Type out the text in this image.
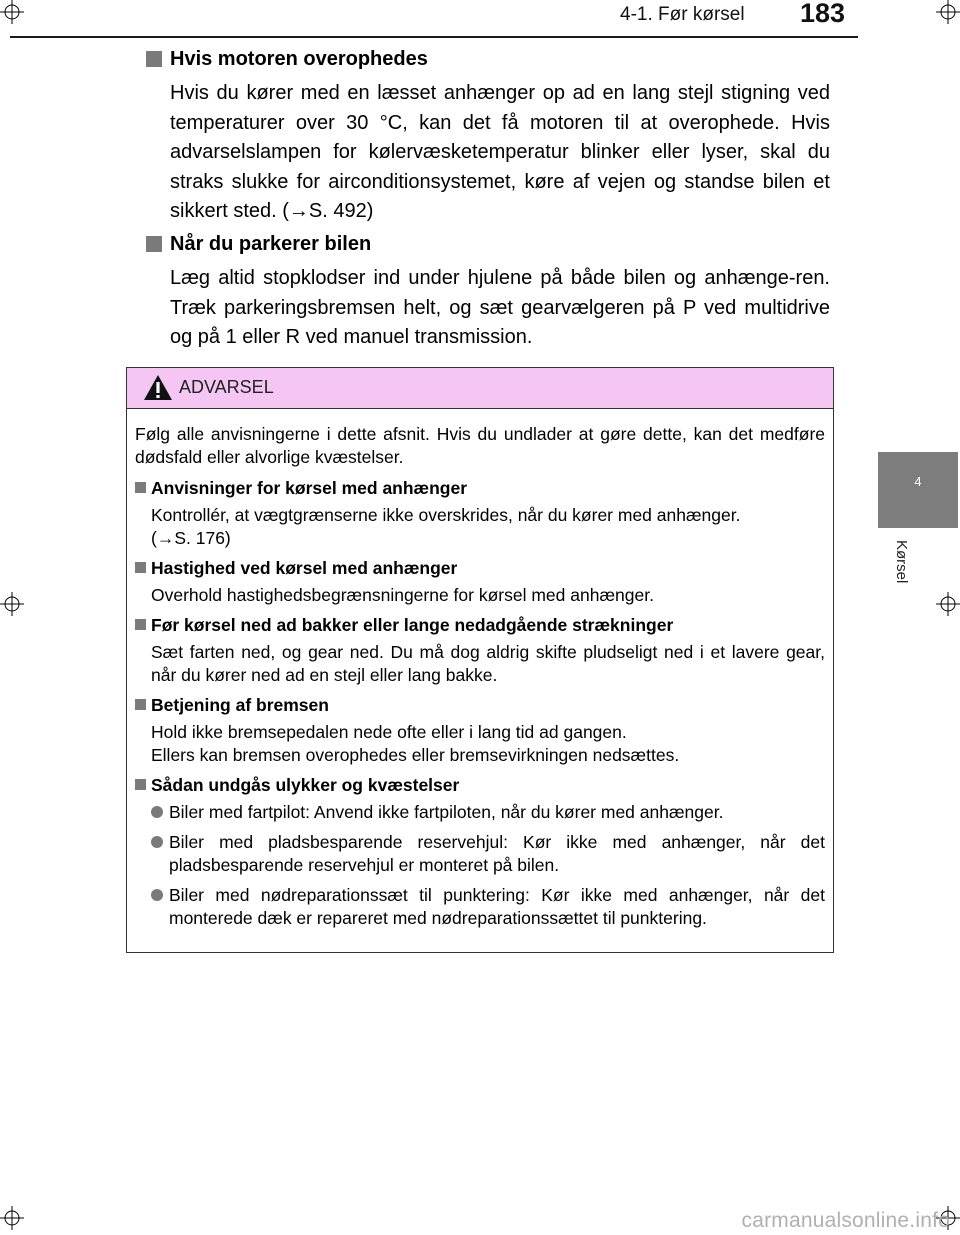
4-1. Før kørsel 183
4
Kørsel
Hvis motoren overophedes
Hvis du kører med en læsset anhænger op ad en lang stejl stigning ved temperaturer over 30 °C, kan det få motoren til at overophede. Hvis advarselslampen for kølervæsketemperatur blinker eller lyser, skal du straks slukke for airconditionsystemet, køre af vejen og standse bilen et sikkert sted. (→S. 492)
Når du parkerer bilen
Læg altid stopklodser ind under hjulene på både bilen og anhænge-ren. Træk parkeringsbremsen helt, og sæt gearvælgeren på P ved multidrive og på 1 eller R ved manuel transmission.
ADVARSEL

Følg alle anvisningerne i dette afsnit. Hvis du undlader at gøre dette, kan det medføre dødsfald eller alvorlige kvæstelser.

Anvisninger for kørsel med anhænger
Kontrollér, at vægtgrænserne ikke overskrides, når du kører med anhænger.
(→S. 176)
Hastighed ved kørsel med anhænger
Overhold hastighedsbegrænsningerne for kørsel med anhænger.
Før kørsel ned ad bakker eller lange nedadgående strækninger
Sæt farten ned, og gear ned. Du må dog aldrig skifte pludseligt ned i et lavere gear, når du kører ned ad en stejl eller lang bakke.
Betjening af bremsen
Hold ikke bremsepedalen nede ofte eller i lang tid ad gangen.
Ellers kan bremsen overophedes eller bremsevirkningen nedsættes.
Sådan undgås ulykker og kvæstelser
Biler med fartpilot: Anvend ikke fartpiloten, når du kører med anhænger.
Biler med pladsbesparende reservehjul: Kør ikke med anhænger, når det pladsbesparende reservehjul er monteret på bilen.
Biler med nødreparationssæt til punktering: Kør ikke med anhænger, når det monterede dæk er repareret med nødreparationssættet til punktering.
carmanualsonline.info
